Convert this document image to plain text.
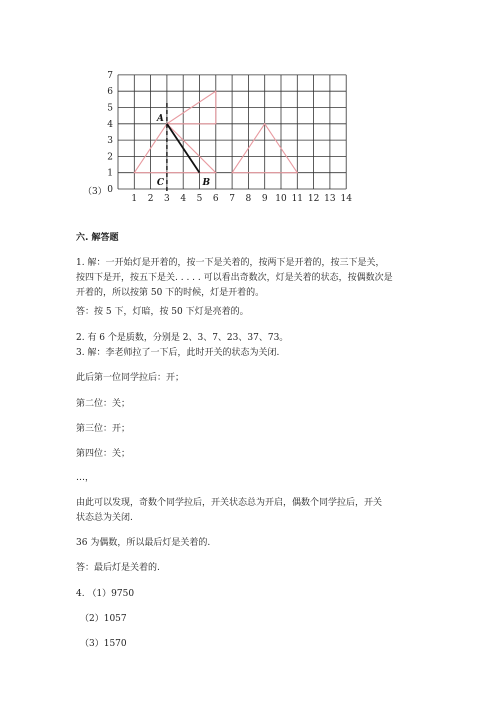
1 2 3 4 5 6 7 8 9 10 11 12 13 14
0
1
2
3
4
5
6
7
A
C	B
（3）
六. 解答题
1. 解：一开始灯是开着的，按一下是关着的，按两下是开着的，按三下是关，
按四下是开，按五下是关. . . . . 可以看出奇数次，灯是关着的状态，按偶数次是
开着的，所以按第 50 下的时候，灯是开着的。
答：按 5 下，灯暗，按 50 下灯是亮着的。
2. 有 6 个是质数，分别是 2、3、7、23、37、73。
3. 解：李老师拉了一下后，此时开关的状态为关闭.
此后第一位同学拉后：开；
第二位：关；
第三位：开；
第四位：关；
…，
由此可以发现，奇数个同学拉后，开关状态总为开启，偶数个同学拉后，开关
状态总为关闭.
36 为偶数，所以最后灯是关着的.
答：最后灯是关着的.
4. （1）9750
（2）1057
（3）1570
